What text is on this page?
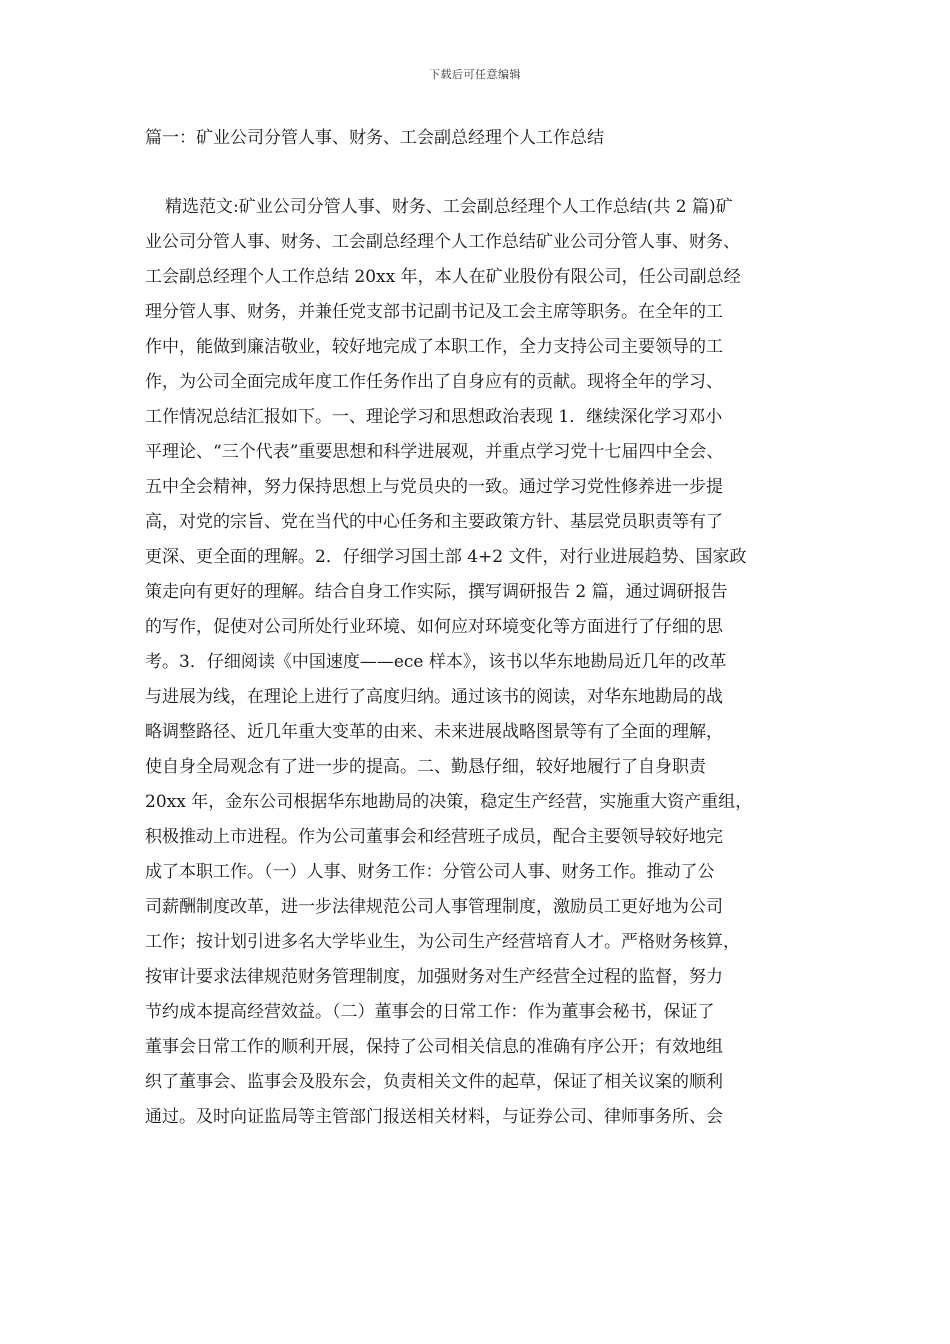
下载后可任意编辑
篇一：矿业公司分管人事、财务、工会副总经理个人工作总结
精选范文:矿业公司分管人事、财务、工会副总经理个人工作总结(共 2 篇)矿
业公司分管人事、财务、工会副总经理个人工作总结矿业公司分管人事、财务、
工会副总经理个人工作总结 20xx 年，本人在矿业股份有限公司，任公司副总经
理分管人事、财务，并兼任党支部书记副书记及工会主席等职务。在全年的工
作中，能做到廉洁敬业，较好地完成了本职工作，全力支持公司主要领导的工
作，为公司全面完成年度工作任务作出了自身应有的贡献。现将全年的学习、
工作情况总结汇报如下。一、理论学习和思想政治表现 1．继续深化学习邓小
平理论、“三个代表”重要思想和科学进展观，并重点学习党十七届四中全会、
五中全会精神，努力保持思想上与党员央的一致。通过学习党性修养进一步提
高，对党的宗旨、党在当代的中心任务和主要政策方针、基层党员职责等有了
更深、更全面的理解。2．仔细学习国土部 4+2 文件，对行业进展趋势、国家政
策走向有更好的理解。结合自身工作实际，撰写调研报告 2 篇，通过调研报告
的写作，促使对公司所处行业环境、如何应对环境变化等方面进行了仔细的思
考。3．仔细阅读《中国速度——ece 样本》，该书以华东地勘局近几年的改革
与进展为线，在理论上进行了高度归纳。通过该书的阅读，对华东地勘局的战
略调整路径、近几年重大变革的由来、未来进展战略图景等有了全面的理解，
使自身全局观念有了进一步的提高。二、勤恳仔细，较好地履行了自身职责
20xx 年，金东公司根据华东地勘局的决策，稳定生产经营，实施重大资产重组，
积极推动上市进程。作为公司董事会和经营班子成员，配合主要领导较好地完
成了本职工作。（一）人事、财务工作：分管公司人事、财务工作。推动了公
司薪酬制度改革，进一步法律规范公司人事管理制度，激励员工更好地为公司
工作；按计划引进多名大学毕业生，为公司生产经营培育人才。严格财务核算，
按审计要求法律规范财务管理制度，加强财务对生产经营全过程的监督，努力
节约成本提高经营效益。（二）董事会的日常工作：作为董事会秘书，保证了
董事会日常工作的顺利开展，保持了公司相关信息的准确有序公开；有效地组
织了董事会、监事会及股东会，负责相关文件的起草，保证了相关议案的顺利
通过。及时向证监局等主管部门报送相关材料，与证券公司、律师事务所、会
